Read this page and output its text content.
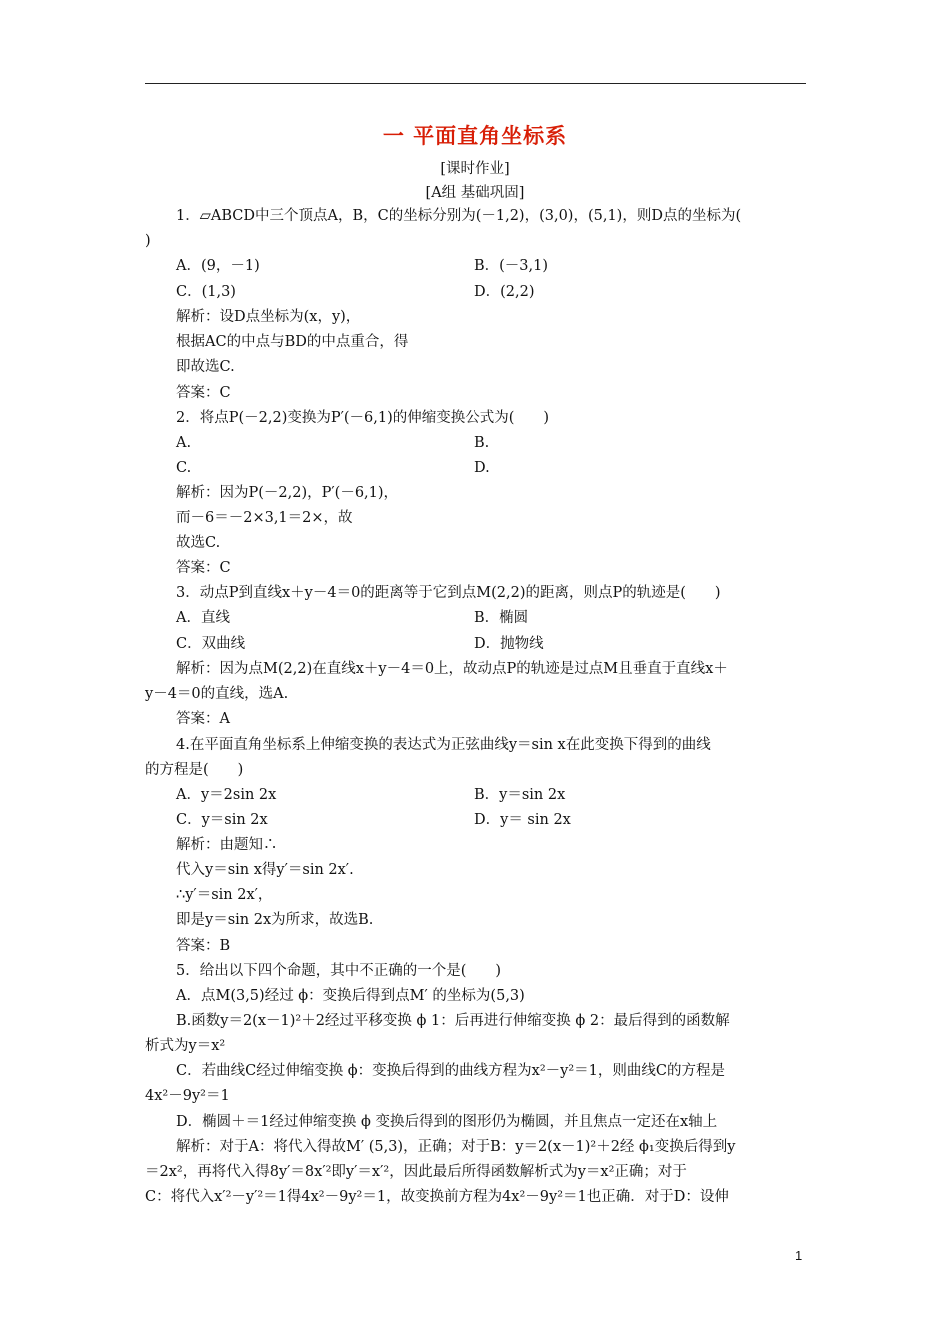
一 平面直角坐标系
[课时作业]
[A组 基础巩固]
1．▱ABCD中三个顶点A，B，C的坐标分别为(－1,2)，(3,0)，(5,1)，则D点的坐标为(
)
A．(9，－1)	B．(－3,1)
C．(1,3)	D．(2,2)
解析：设D点坐标为(x，y)，
根据AC的中点与BD的中点重合，得
即故选C.
答案：C
2．将点P(－2,2)变换为P′(－6,1)的伸缩变换公式为(　　)
A.	B.
C.	D.
解析：因为P(－2,2)，P′(－6,1)，
而－6＝－2×3,1＝2×，故
故选C.
答案：C
3．动点P到直线x＋y－4＝0的距离等于它到点M(2,2)的距离，则点P的轨迹是(　　)
A．直线	B．椭圆
C．双曲线	D．抛物线
解析：因为点M(2,2)在直线x＋y－4＝0上，故动点P的轨迹是过点M且垂直于直线x＋
y－4＝0的直线，选A.
答案：A
4.在平面直角坐标系上伸缩变换的表达式为正弦曲线y＝sin x在此变换下得到的曲线
的方程是(　　)
A．y＝2sin 2x	B．y＝sin 2x
C．y＝sin 2x	D．y＝ sin 2x
解析：由题知∴
代入y＝sin x得y′＝sin 2x′.
∴y′＝sin 2x′，
即是y＝sin 2x为所求，故选B.
答案：B
5．给出以下四个命题，其中不正确的一个是(　　)
A．点M(3,5)经过 ϕ：变换后得到点M′ 的坐标为(5,3)
B.函数y＝2(x－1)²＋2经过平移变换 ϕ 1：后再进行伸缩变换 ϕ 2：最后得到的函数解
析式为y＝x²
C．若曲线C经过伸缩变换 ϕ：变换后得到的曲线方程为x²－y²＝1，则曲线C的方程是
4x²－9y²＝1
D．椭圆＋＝1经过伸缩变换 ϕ 变换后得到的图形仍为椭圆，并且焦点一定还在x轴上
解析：对于A：将代入得故M′ (5,3)，正确；对于B：y＝2(x－1)²＋2经 ϕ₁变换后得到y
＝2x²，再将代入得8y′＝8x′²即y′＝x′²，因此最后所得函数解析式为y＝x²正确；对于
C：将代入x′²－y′²＝1得4x²－9y²＝1，故变换前方程为4x²－9y²＝1也正确．对于D：设伸
1
